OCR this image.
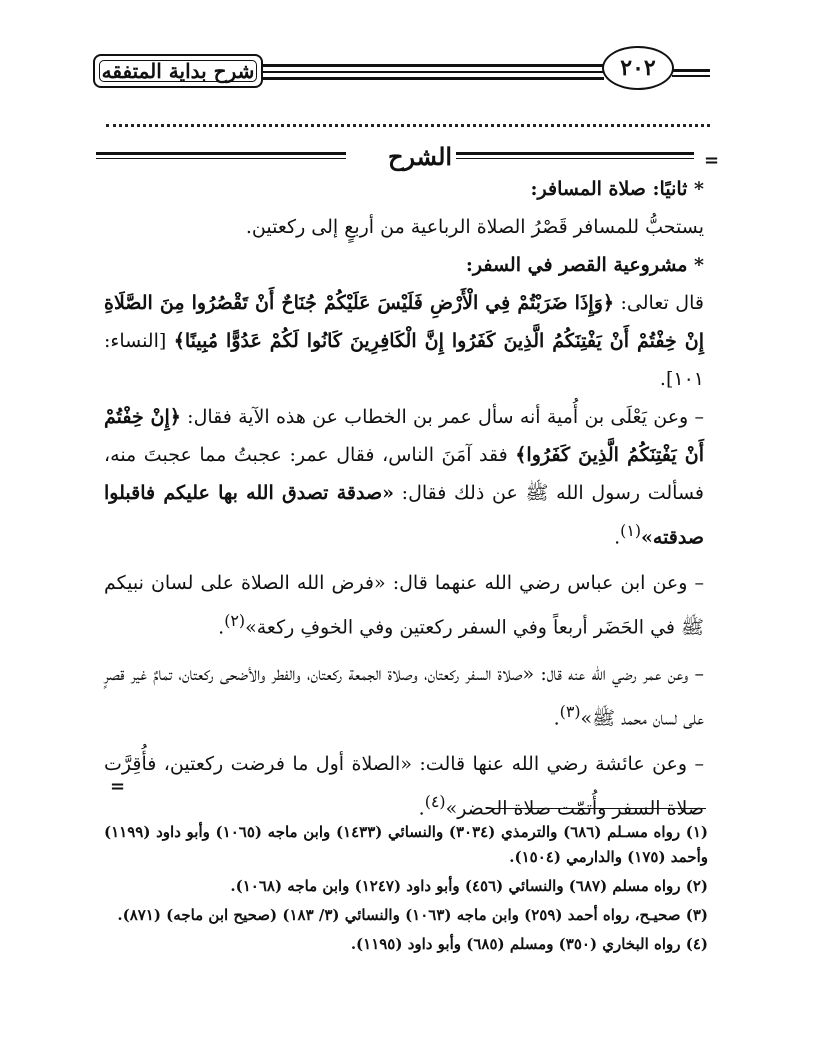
شرح بداية المتفقه	٢٠٢
الشرح	=

* ثانيًا: صلاة المسافر:

يستحبُّ للمسافر قَصْرُ الصلاة الرباعية من أربعٍ إلى ركعتين.

* مشروعية القصر في السفر:

قال تعالى: ﴿وَإِذَا ضَرَبْتُمْ فِي الْأَرْضِ فَلَيْسَ عَلَيْكُمْ جُنَاحٌ أَنْ تَقْصُرُوا مِنَ الصَّلَاةِ إِنْ خِفْتُمْ أَنْ يَفْتِنَكُمُ الَّذِينَ كَفَرُوا إِنَّ الْكَافِرِينَ كَانُوا لَكُمْ عَدُوًّا مُبِينًا﴾ [النساء: ١٠١].

– وعن يَعْلَى بن أُمية أنه سأل عمر بن الخطاب عن هذه الآية فقال: ﴿إِنْ خِفْتُمْ أَنْ يَفْتِنَكُمُ الَّذِينَ كَفَرُوا﴾ فقد آمَنَ الناس، فقال عمر: عجبتُ مما عجبتَ منه، فسألت رسول الله ﷺ عن ذلك فقال: «صدقة تصدق الله بها عليكم فاقبلوا صدقته»$^{(١)}$.

– وعن ابن عباس رضي الله عنهما قال: «فرض الله الصلاة على لسان نبيكم ﷺ في الحَضَر أربعاً وفي السفر ركعتين وفي الخوفِ ركعة»$^{(٢)}$.

– وعن عمر رضي الله عنه قال: «صلاة السفر ركعتان، وصلاة الجمعة ركعتان، والفطر والأضحى ركعتان، تمامٌ غير قصرٍ على لسان محمد ﷺ»$^{(٣)}$.

– وعن عائشة رضي الله عنها قالت: «الصلاة أول ما فرضت ركعتين، فأُقِرَّت صلاة السفر وأُتمّت صلاة الحضر»$^{(٤)}$.

=

(١) رواه مسـلم (٦٨٦) والترمذي (٣٠٣٤) والنسائي (١٤٣٣) وابن ماجه (١٠٦٥) وأبو داود (١١٩٩) وأحمد (١٧٥) والدارمي (١٥٠٤).

(٢) رواه مسلم (٦٨٧) والنسائي (٤٥٦) وأبو داود (١٢٤٧) وابن ماجه (١٠٦٨).

(٣) صحيـح، رواه أحمد (٢٥٩) وابن ماجه (١٠٦٣) والنسائي (٣/ ١٨٣) (صحيح ابن ماجه) (٨٧١).

(٤) رواه البخاري (٣٥٠) ومسلم (٦٨٥) وأبو داود (١١٩٥).
